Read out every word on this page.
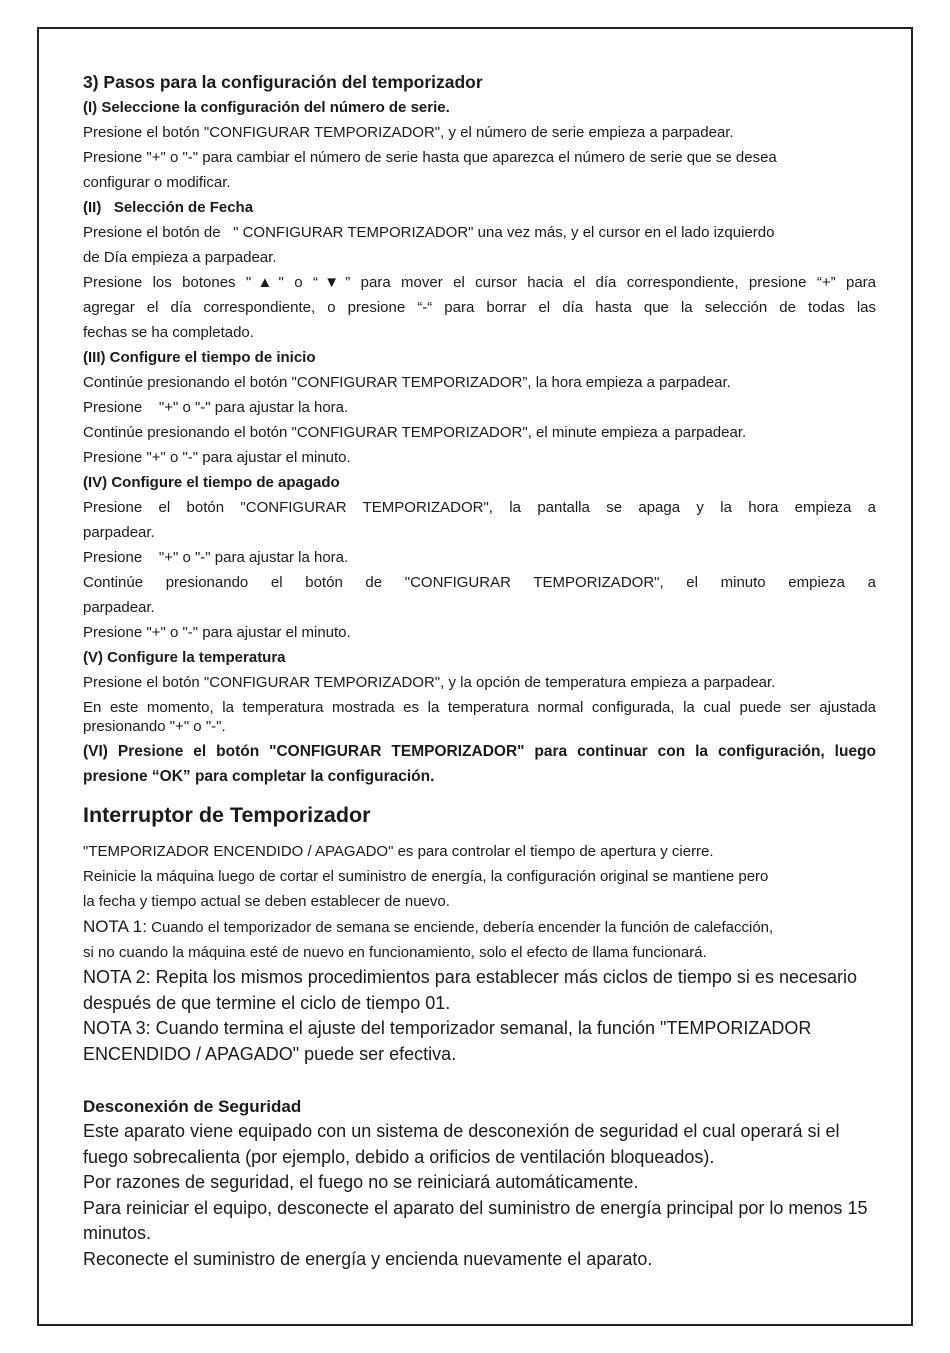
3) Pasos para la configuración del temporizador
(I) Seleccione la configuración del número de serie.
Presione el botón "CONFIGURAR TEMPORIZADOR", y el número de serie empieza a parpadear.
Presione "+" o "-" para cambiar el número de serie hasta que aparezca el número de serie que se desea
configurar o modificar.
(II)   Selección de Fecha
Presione el botón de   " CONFIGURAR TEMPORIZADOR" una vez más, y el cursor en el lado izquierdo
de Día empieza a parpadear.
Presione los botones "▲" o “▼” para mover el cursor hacia el día correspondiente, presione “+” para
agregar el día correspondiente, o presione “-“ para borrar el día hasta que la selección de todas las
fechas se ha completado.
(III) Configure el tiempo de inicio
Continúe presionando el botón "CONFIGURAR TEMPORIZADOR”, la hora empieza a parpadear.
Presione    "+" o "-" para ajustar la hora.
Continúe presionando el botón "CONFIGURAR TEMPORIZADOR", el minute empieza a parpadear.
Presione "+" o "-" para ajustar el minuto.
(IV) Configure el tiempo de apagado
Presione el botón "CONFIGURAR TEMPORIZADOR", la pantalla se apaga y la hora empieza a
parpadear.
Presione    "+" o "-" para ajustar la hora.
Continúe presionando el botón de "CONFIGURAR TEMPORIZADOR", el minuto empieza a
parpadear.
Presione "+" o "-" para ajustar el minuto.
(V) Configure la temperatura
Presione el botón "CONFIGURAR TEMPORIZADOR", y la opción de temperatura empieza a parpadear.
En este momento, la temperatura mostrada es la temperatura normal configurada, la cual puede ser ajustada presionando "+" o "-".
(VI) Presione el botón "CONFIGURAR TEMPORIZADOR" para continuar con la configuración, luego presione “OK” para completar la configuración.
Interruptor de Temporizador
"TEMPORIZADOR ENCENDIDO / APAGADO" es para controlar el tiempo de apertura y cierre.
Reinicie la máquina luego de cortar el suministro de energía, la configuración original se mantiene pero
la fecha y tiempo actual se deben establecer de nuevo.
NOTA 1: Cuando el temporizador de semana se enciende, debería encender la función de calefacción,
si no cuando la máquina esté de nuevo en funcionamiento, solo el efecto de llama funcionará.
NOTA 2: Repita los mismos procedimientos para establecer más ciclos de tiempo si es necesario después de que termine el ciclo de tiempo 01.
NOTA 3: Cuando termina el ajuste del temporizador semanal, la función "TEMPORIZADOR ENCENDIDO / APAGADO" puede ser efectiva.
Desconexión de Seguridad
Este aparato viene equipado con un sistema de desconexión de seguridad el cual operará si el fuego sobrecalienta (por ejemplo, debido a orificios de ventilación bloqueados).
Por razones de seguridad, el fuego no se reiniciará automáticamente.
Para reiniciar el equipo, desconecte el aparato del suministro de energía principal por lo menos 15 minutos.
Reconecte el suministro de energía y encienda nuevamente el aparato.
